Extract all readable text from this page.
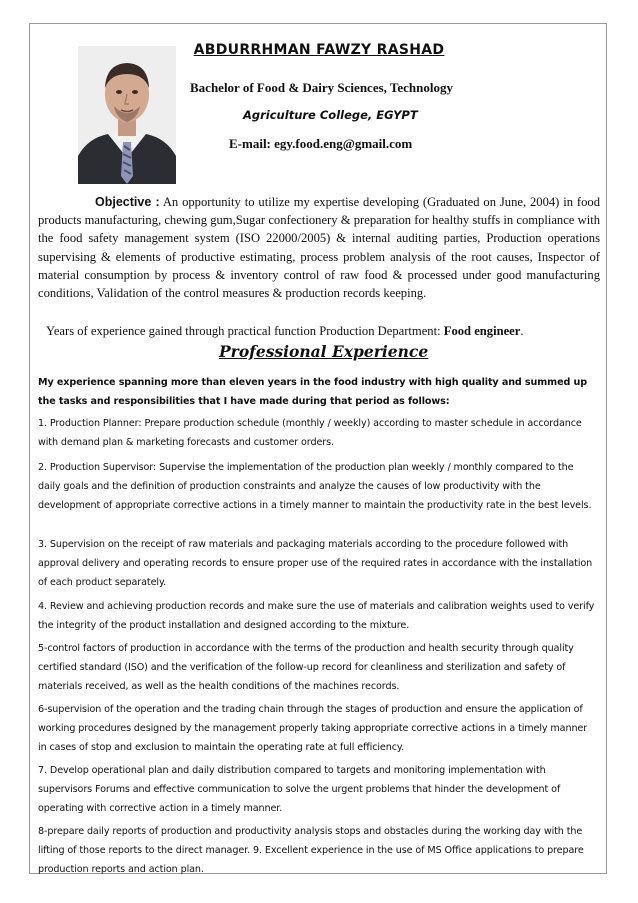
ABDURRHMAN FAWZY RASHAD
Bachelor of Food & Dairy Sciences, Technology
Agriculture College, EGYPT
E-mail: egy.food.eng@gmail.com

Objective : An opportunity to utilize my expertise developing (Graduated on June, 2004) in food products manufacturing, chewing gum,Sugar confectionery & preparation for healthy stuffs in compliance with the food safety management system (ISO 22000/2005) & internal auditing parties, Production operations supervising & elements of productive estimating, process problem analysis of the root causes, Inspector of material consumption by process & inventory control of raw food & processed under good manufacturing conditions, Validation of the control measures & production records keeping.

Years of experience gained through practical function Production Department: Food engineer.
Professional Experience

My experience spanning more than eleven years in the food industry with high quality and summed up the tasks and responsibilities that I have made during that period as follows:

1. Production Planner: Prepare production schedule (monthly / weekly) according to master schedule in accordance with demand plan & marketing forecasts and customer orders.

2. Production Supervisor: Supervise the implementation of the production plan weekly / monthly compared to the daily goals and the definition of production constraints and analyze the causes of low productivity with the development of appropriate corrective actions in a timely manner to maintain the productivity rate in the best levels.

3. Supervision on the receipt of raw materials and packaging materials according to the procedure followed with approval delivery and operating records to ensure proper use of the required rates in accordance with the installation of each product separately.

4. Review and achieving production records and make sure the use of materials and calibration weights used to verify the integrity of the product installation and designed according to the mixture.

5-control factors of production in accordance with the terms of the production and health security through quality certified standard (ISO) and the verification of the follow-up record for cleanliness and sterilization and safety of materials received, as well as the health conditions of the machines records.

6-supervision of the operation and the trading chain through the stages of production and ensure the application of working procedures designed by the management properly taking appropriate corrective actions in a timely manner in cases of stop and exclusion to maintain the operating rate at full efficiency.

7. Develop operational plan and daily distribution compared to targets and monitoring implementation with supervisors Forums and effective communication to solve the urgent problems that hinder the development of operating with corrective action in a timely manner.

8-prepare daily reports of production and productivity analysis stops and obstacles during the working day with the lifting of those reports to the direct manager. 9. Excellent experience in the use of MS Office applications to prepare production reports and action plan.
